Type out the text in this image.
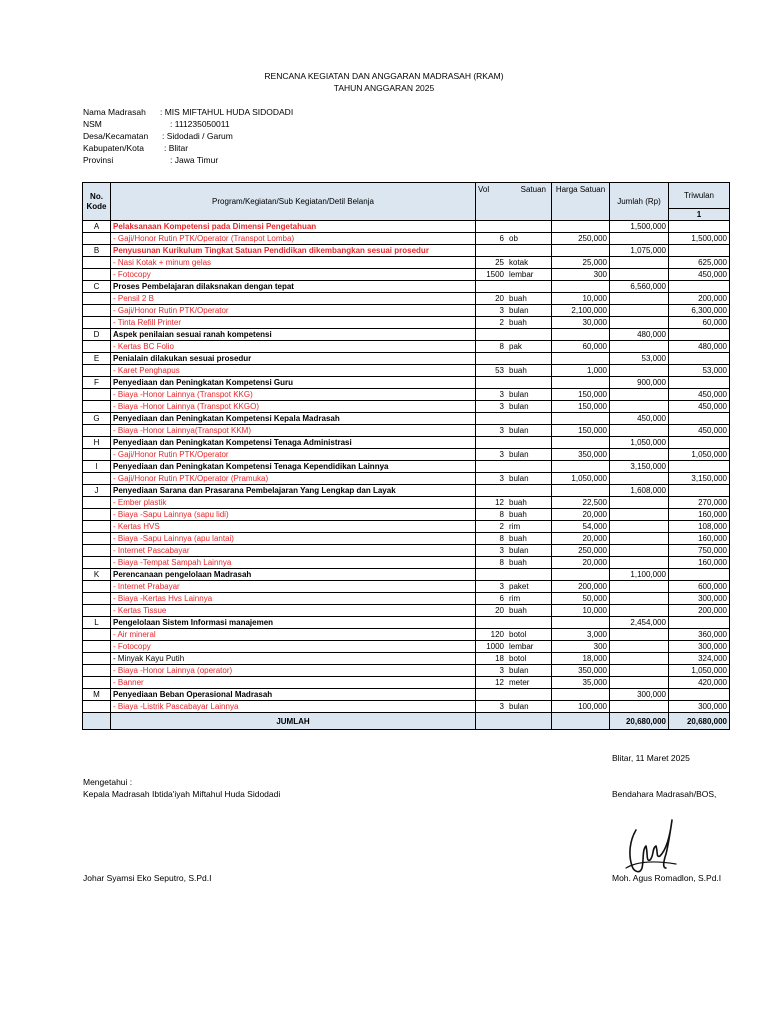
RENCANA KEGIATAN DAN ANGGARAN MADRASAH (RKAM)
TAHUN ANGGARAN 2025
Nama Madrasah : MIS MIFTAHUL HUDA SIDODADI
NSM	: 111235050011
Desa/Kecamatan : Sidodadi / Garum
Kabupaten/Kota : Blitar
Provinsi	: Jawa Timur
No. Kode	Program/Kegiatan/Sub Kegiatan/Detil Belanja	Vol Satuan	Harga Satuan	Jumlah (Rp)	Triwulan
					1
A	Pelaksanaan Kompetensi pada Dimensi Pengetahuan			1,500,000	
	- Gaji/Honor Rutin PTK/Operator (Transpot Lomba)	6 ob	250,000		1,500,000
B	Penyusunan Kurikulum Tingkat Satuan Pendidikan dikembangkan sesuai prosedur			1,075,000	
	- Nasi Kotak + minum gelas	25 kotak	25,000		625,000
	- Fotocopy	1500 lembar	300		450,000
C	Proses Pembelajaran dilaksnakan dengan tepat			6,560,000	
	- Pensil 2 B	20 buah	10,000		200,000
	- Gaji/Honor Rutin PTK/Operator	3 bulan	2,100,000		6,300,000
	- Tinta Refill Printer	2 buah	30,000		60,000
D	Aspek penilaian sesuai ranah kompetensi			480,000	
	- Kertas BC Folio	8 pak	60,000		480,000
E	Penialain dilakukan sesuai prosedur			53,000	
	- Karet Penghapus	53 buah	1,000		53,000
F	Penyediaan dan Peningkatan Kompetensi Guru			900,000	
	- Biaya -Honor Lainnya (Transpot KKG)	3 bulan	150,000		450,000
	- Biaya -Honor Lainnya (Transpot KKGO)	3 bulan	150,000		450,000
G	Penyediaan dan Peningkatan Kompetensi Kepala Madrasah			450,000	
	- Biaya -Honor Lainnya(Transpot KKM)	3 bulan	150,000		450,000
H	Penyediaan dan Peningkatan Kompetensi Tenaga Administrasi			1,050,000	
	- Gaji/Honor Rutin PTK/Operator	3 bulan	350,000		1,050,000
I	Penyediaan dan Peningkatan Kompetensi Tenaga Kependidikan Lainnya			3,150,000	
	- Gaji/Honor Rutin PTK/Operator (Pramuka)	3 bulan	1,050,000		3,150,000
J	Penyediaan Sarana dan Prasarana Pembelajaran Yang Lengkap dan Layak			1,608,000	
	- Ember plastik	12 buah	22,500		270,000
	- Biaya -Sapu Lainnya (sapu lidi)	8 buah	20,000		160,000
	- Kertas HVS	2 rim	54,000		108,000
	- Biaya -Sapu Lainnya (apu lantai)	8 buah	20,000		160,000
	- Internet Pascabayar	3 bulan	250,000		750,000
	- Biaya -Tempat Sampah Lainnya	8 buah	20,000		160,000
K	Perencanaan pengelolaan Madrasah			1,100,000	
	- Internet Prabayar	3 paket	200,000		600,000
	- Biaya -Kertas Hvs Lainnya	6 rim	50,000		300,000
	- Kertas Tissue	20 buah	10,000		200,000
L	Pengelolaan Sistem Informasi manajemen			2,454,000	
	- Air mineral	120 botol	3,000		360,000
	- Fotocopy	1000 lembar	300		300,000
	- Minyak Kayu Putih	18 botol	18,000		324,000
	- Biaya -Honor Lainnya (operator)	3 bulan	350,000		1,050,000
	- Banner	12 meter	35,000		420,000
M	Penyediaan Beban Operasional Madrasah			300,000	
	- Biaya -Listrik Pascabayar Lainnya	3 bulan	100,000		300,000
	JUMLAH			20,680,000	20,680,000
Blitar, 11 Maret 2025
Mengetahui :
Kepala Madrasah Ibtida'iyah Miftahul Huda Sidodadi	Bendahara Madrasah/BOS,
Johar Syamsi Eko Seputro, S.Pd.I	Moh. Agus Romadlon, S.Pd.I
